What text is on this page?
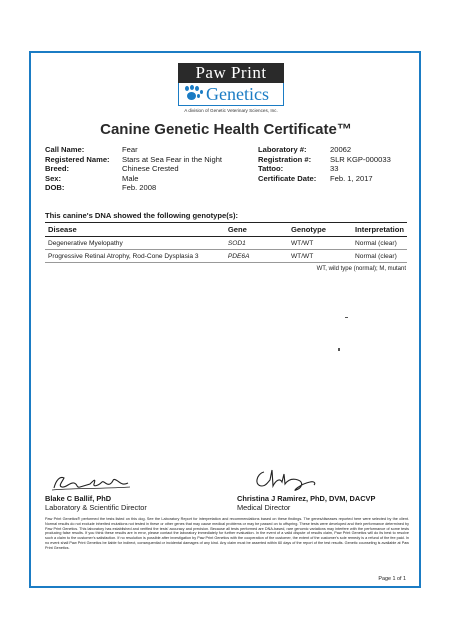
Paw Print
Genetics
A division of Genetic Veterinary Sciences, Inc.
Canine Genetic Health Certificate™
Call Name:	Fear
Registered Name:	Stars at Sea Fear in the Night
Breed:	Chinese Crested
Sex:	Male
DOB:	Feb. 2008
Laboratory #:	20062
Registration #:	SLR KGP-000033
Tattoo:	33
Certificate Date:	Feb. 1, 2017
This canine's DNA showed the following genotype(s):
Disease	Gene	Genotype	Interpretation
Degenerative Myelopathy	SOD1	WT/WT	Normal (clear)
Progressive Retinal Atrophy, Rod-Cone Dysplasia 3	PDE6A	WT/WT	Normal (clear)
WT, wild type (normal); M, mutant
Blake C Ballif, PhD
Laboratory & Scientific Director
Christina J Ramirez, PhD, DVM, DACVP
Medical Director
Paw Print Genetics® performed the tests listed on this dog. See the Laboratory Report for interpretation and recommendations based on these findings. The genes/diseases reported here were selected by the client. Normal results do not exclude inherited mutations not tested in these or other genes that may cause medical problems or may be passed on to offspring. These tests were developed and their performance determined by Paw Print Genetics. This laboratory has established and verified the tests' accuracy and precision. Because all tests performed are DNA-based, rare genomic variations may interfere with the performance of some tests producing false results. If you think these results are in error, please contact the laboratory immediately for further evaluation. In the event of a valid dispute of results claim, Paw Print Genetics will do its best to resolve such a claim to the customer's satisfaction. If no resolution is possible after investigation by Paw Print Genetics with the cooperation of the customer, the extent of the customer's sole remedy is a refund of the fee paid. In no event shall Paw Print Genetics be liable for indirect, consequential or incidental damages of any kind. Any claim must be asserted within 60 days of the report of the test results. Genetic counseling is available at Paw Print Genetics.
Page 1 of 1
